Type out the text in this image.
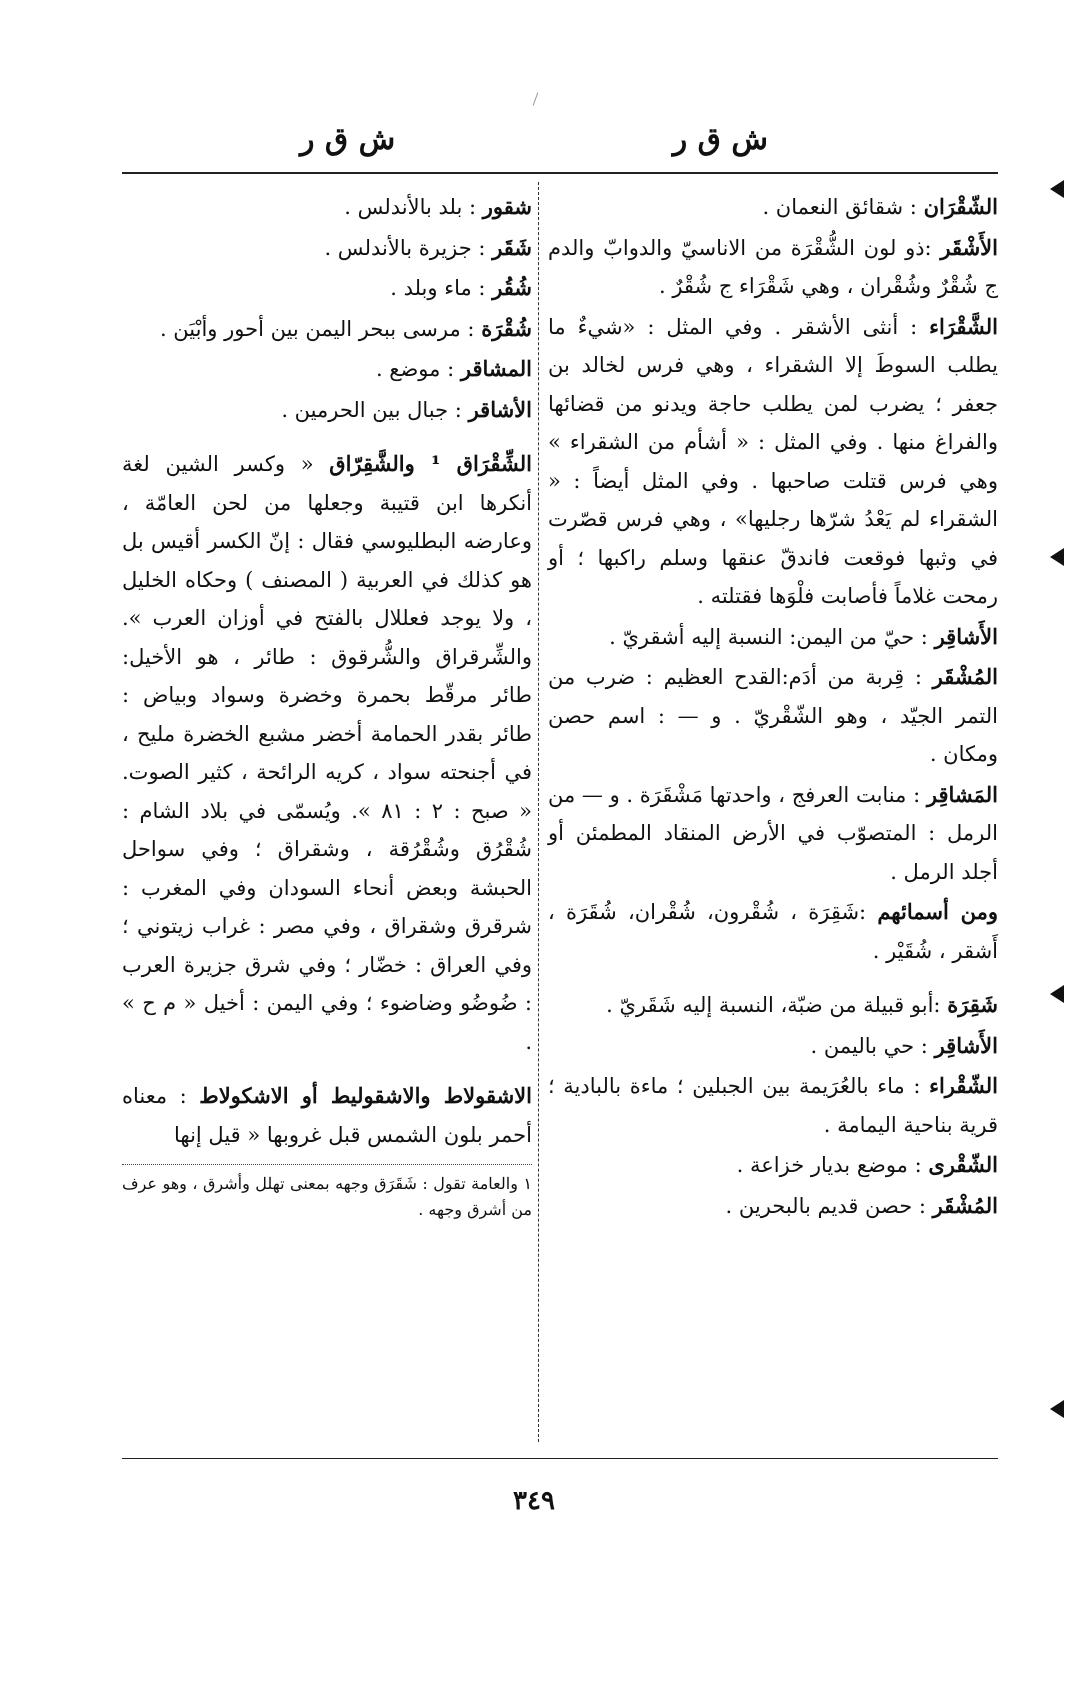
ش ق ر
ش ق ر
الشّقْرَان : شقائق النعمان .
الأَشْقَر :ذو لون الشُّقْرَة من الاناسيّ والدوابّ والدم ج شُقْرٌ وشُقْران ، وهي شَقْرَاء ج شُقْرٌ .
الشَّقْرَاء : أنثى الأشقر . وفي المثل : «شيءٌ ما يطلب السوطَ إلا الشقراء ، وهي فرس لخالد بن جعفر ؛ يضرب لمن يطلب حاجة ويدنو من قضائها والفراغ منها . وفي المثل : « أشأم من الشقراء » وهي فرس قتلت صاحبها . وفي المثل أيضاً : « الشقراء لم يَعْدُ شرّها رجليها» ، وهي فرس قصّرت في وثبها فوقعت فاندقّ عنقها وسلم راكبها ؛ أو رمحت غلاماً فأصابت فلْوَها فقتلته .
الأَشاقِر : حيّ من اليمن: النسبة إليه أشقريّ .
المُشْقَر : قِربة من أدَم:القدح العظيم : ضرب من التمر الجيّد ، وهو الشّقْريّ . و — : اسم حصن ومكان .
المَشاقِر : منابت العرفج ، واحدتها مَشْقَرَة . و — من الرمل : المتصوّب في الأرض المنقاد المطمئن أو أجلد الرمل .
ومن أسمائهم :شَقِرَة ، شُقْرون، شُقْران، شُقَرَة ، أَشقر ، شُقَيْر .
شَقِرَة :أبو قبيلة من ضبّة، النسبة إليه شَقَريّ .
الأَشاقِر : حي باليمن .
الشّقْراء : ماء بالعُرَيمة بين الجبلين ؛ ماءة بالبادية ؛ قرية بناحية اليمامة .
الشّقْرى : موضع بديار خزاعة .
المُشْقَر : حصن قديم بالبحرين .
شقور : بلد بالأندلس .
شَقَر : جزيرة بالأندلس .
شُقُر : ماء وبلد .
شُقْرَة : مرسى ببحر اليمن بين أحور وأبْيَن .
المشاقر : موضع .
الأشاقر : جبال بين الحرمين .
الشِّقْرَاق ¹ والشَّقِرّاق « وكسر الشين لغة أنكرها ابن قتيبة وجعلها من لحن العامّة ، وعارضه البطليوسي فقال : إنّ الكسر أقيس بل هو كذلك في العربية ( المصنف ) وحكاه الخليل ، ولا يوجد فعللال بالفتح في أوزان العرب ». والشِّرقراق والشُّرقوق : طائر ، هو الأخيل: طائر مرقّط بحمرة وخضرة وسواد وبياض : طائر بقدر الحمامة أخضر مشبع الخضرة مليح ، في أجنحته سواد ، كريه الرائحة ، كثير الصوت. « صبح : ٢ : ٨١ ». ويُسمّى في بلاد الشام : شُقْرُق وشُقْرُقة ، وشقراق ؛ وفي سواحل الحبشة وبعض أنحاء السودان وفي المغرب : شرقرق وشقراق ، وفي مصر : غراب زيتوني ؛ وفي العراق : خضّار ؛ وفي شرق جزيرة العرب : ضُوضُو وضاضوء ؛ وفي اليمن : أخيل « م ح » .
الاشقولاط والاشقوليط أو الاشكولاط : معناه أحمر بلون الشمس قبل غروبها « قيل إنها
١ والعامة تقول : شَقَرَق وجهه بمعنى تهلل وأشرق ، وهو عرف من أشرق وجهه .
٣٤٩
